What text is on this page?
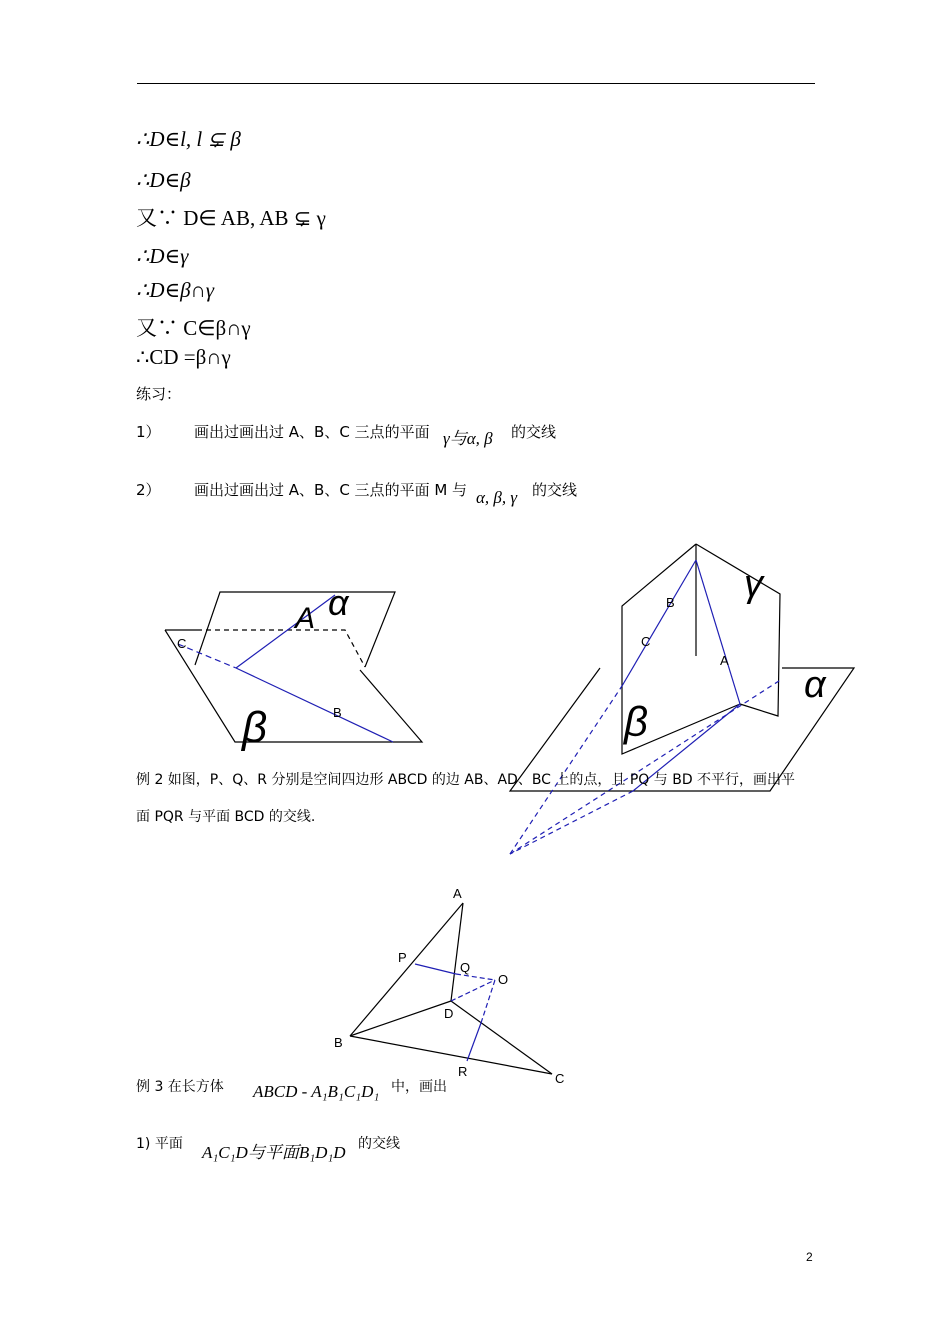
∴D∈l, l ⊊ β
∴D∈β
又∵ D∈ AB, AB ⊊ γ
∴D∈γ
∴D∈β∩γ
又∵ C∈β∩γ
∴CD =β∩γ
练习：
1） 画出过画出过 A、B、C 三点的平面 γ与α, β 的交线
2） 画出过画出过 A、B、C 三点的平面 M 与 α, β, γ 的交线
α
β
A
B
C
γ
α
β
A
B
C
例 2 如图，P、Q、R 分别是空间四边形 ABCD 的边 AB、AD、BC 上的点，且 PQ 与 BD 不平行，画出平
面 PQR 与平面 BCD 的交线.
A
B
C
D
P
Q
R
O
例 3 在长方体 ABCD - A₁B₁C₁D₁ 中，画出
1) 平面 A₁C₁D与平面B₁D₁D 的交线
2
